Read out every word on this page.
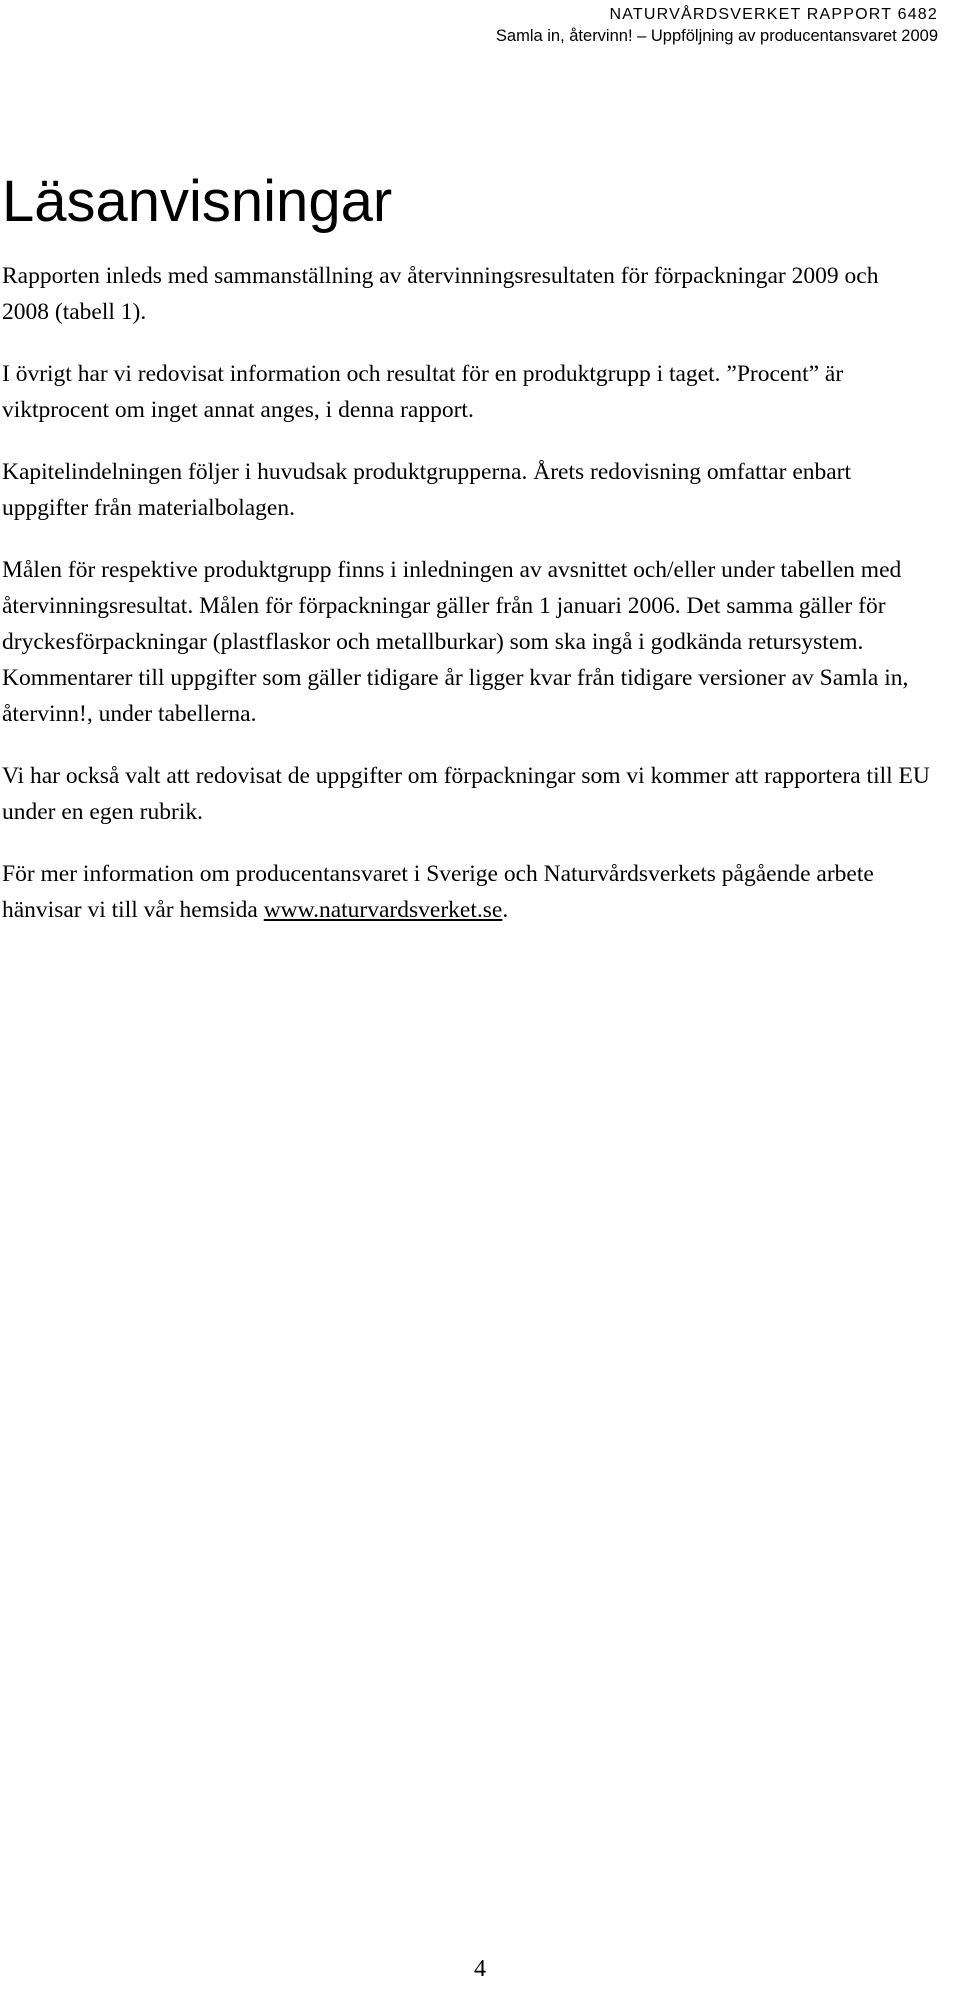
NATURVÅRDSVERKET RAPPORT 6482
Samla in, återvinn! – Uppföljning av producentansvaret 2009
Läsanvisningar

Rapporten inleds med sammanställning av återvinningsresultaten för förpackningar 2009 och 2008 (tabell 1).

I övrigt har vi redovisat information och resultat för en produktgrupp i taget. ”Procent” är viktprocent om inget annat anges, i denna rapport.

Kapitelindelningen följer i huvudsak produktgrupperna. Årets redovisning omfattar enbart uppgifter från materialbolagen.

Målen för respektive produktgrupp finns i inledningen av avsnittet och/eller under tabellen med återvinningsresultat. Målen för förpackningar gäller från 1 januari 2006. Det samma gäller för dryckesförpackningar (plastflaskor och metallburkar) som ska ingå i godkända retursystem. Kommentarer till uppgifter som gäller tidigare år ligger kvar från tidigare versioner av Samla in, återvinn!, under tabellerna.

Vi har också valt att redovisat de uppgifter om förpackningar som vi kommer att rapportera till EU under en egen rubrik.

För mer information om producentansvaret i Sverige och Naturvårdsverkets pågående arbete hänvisar vi till vår hemsida www.naturvardsverket.se.

4
